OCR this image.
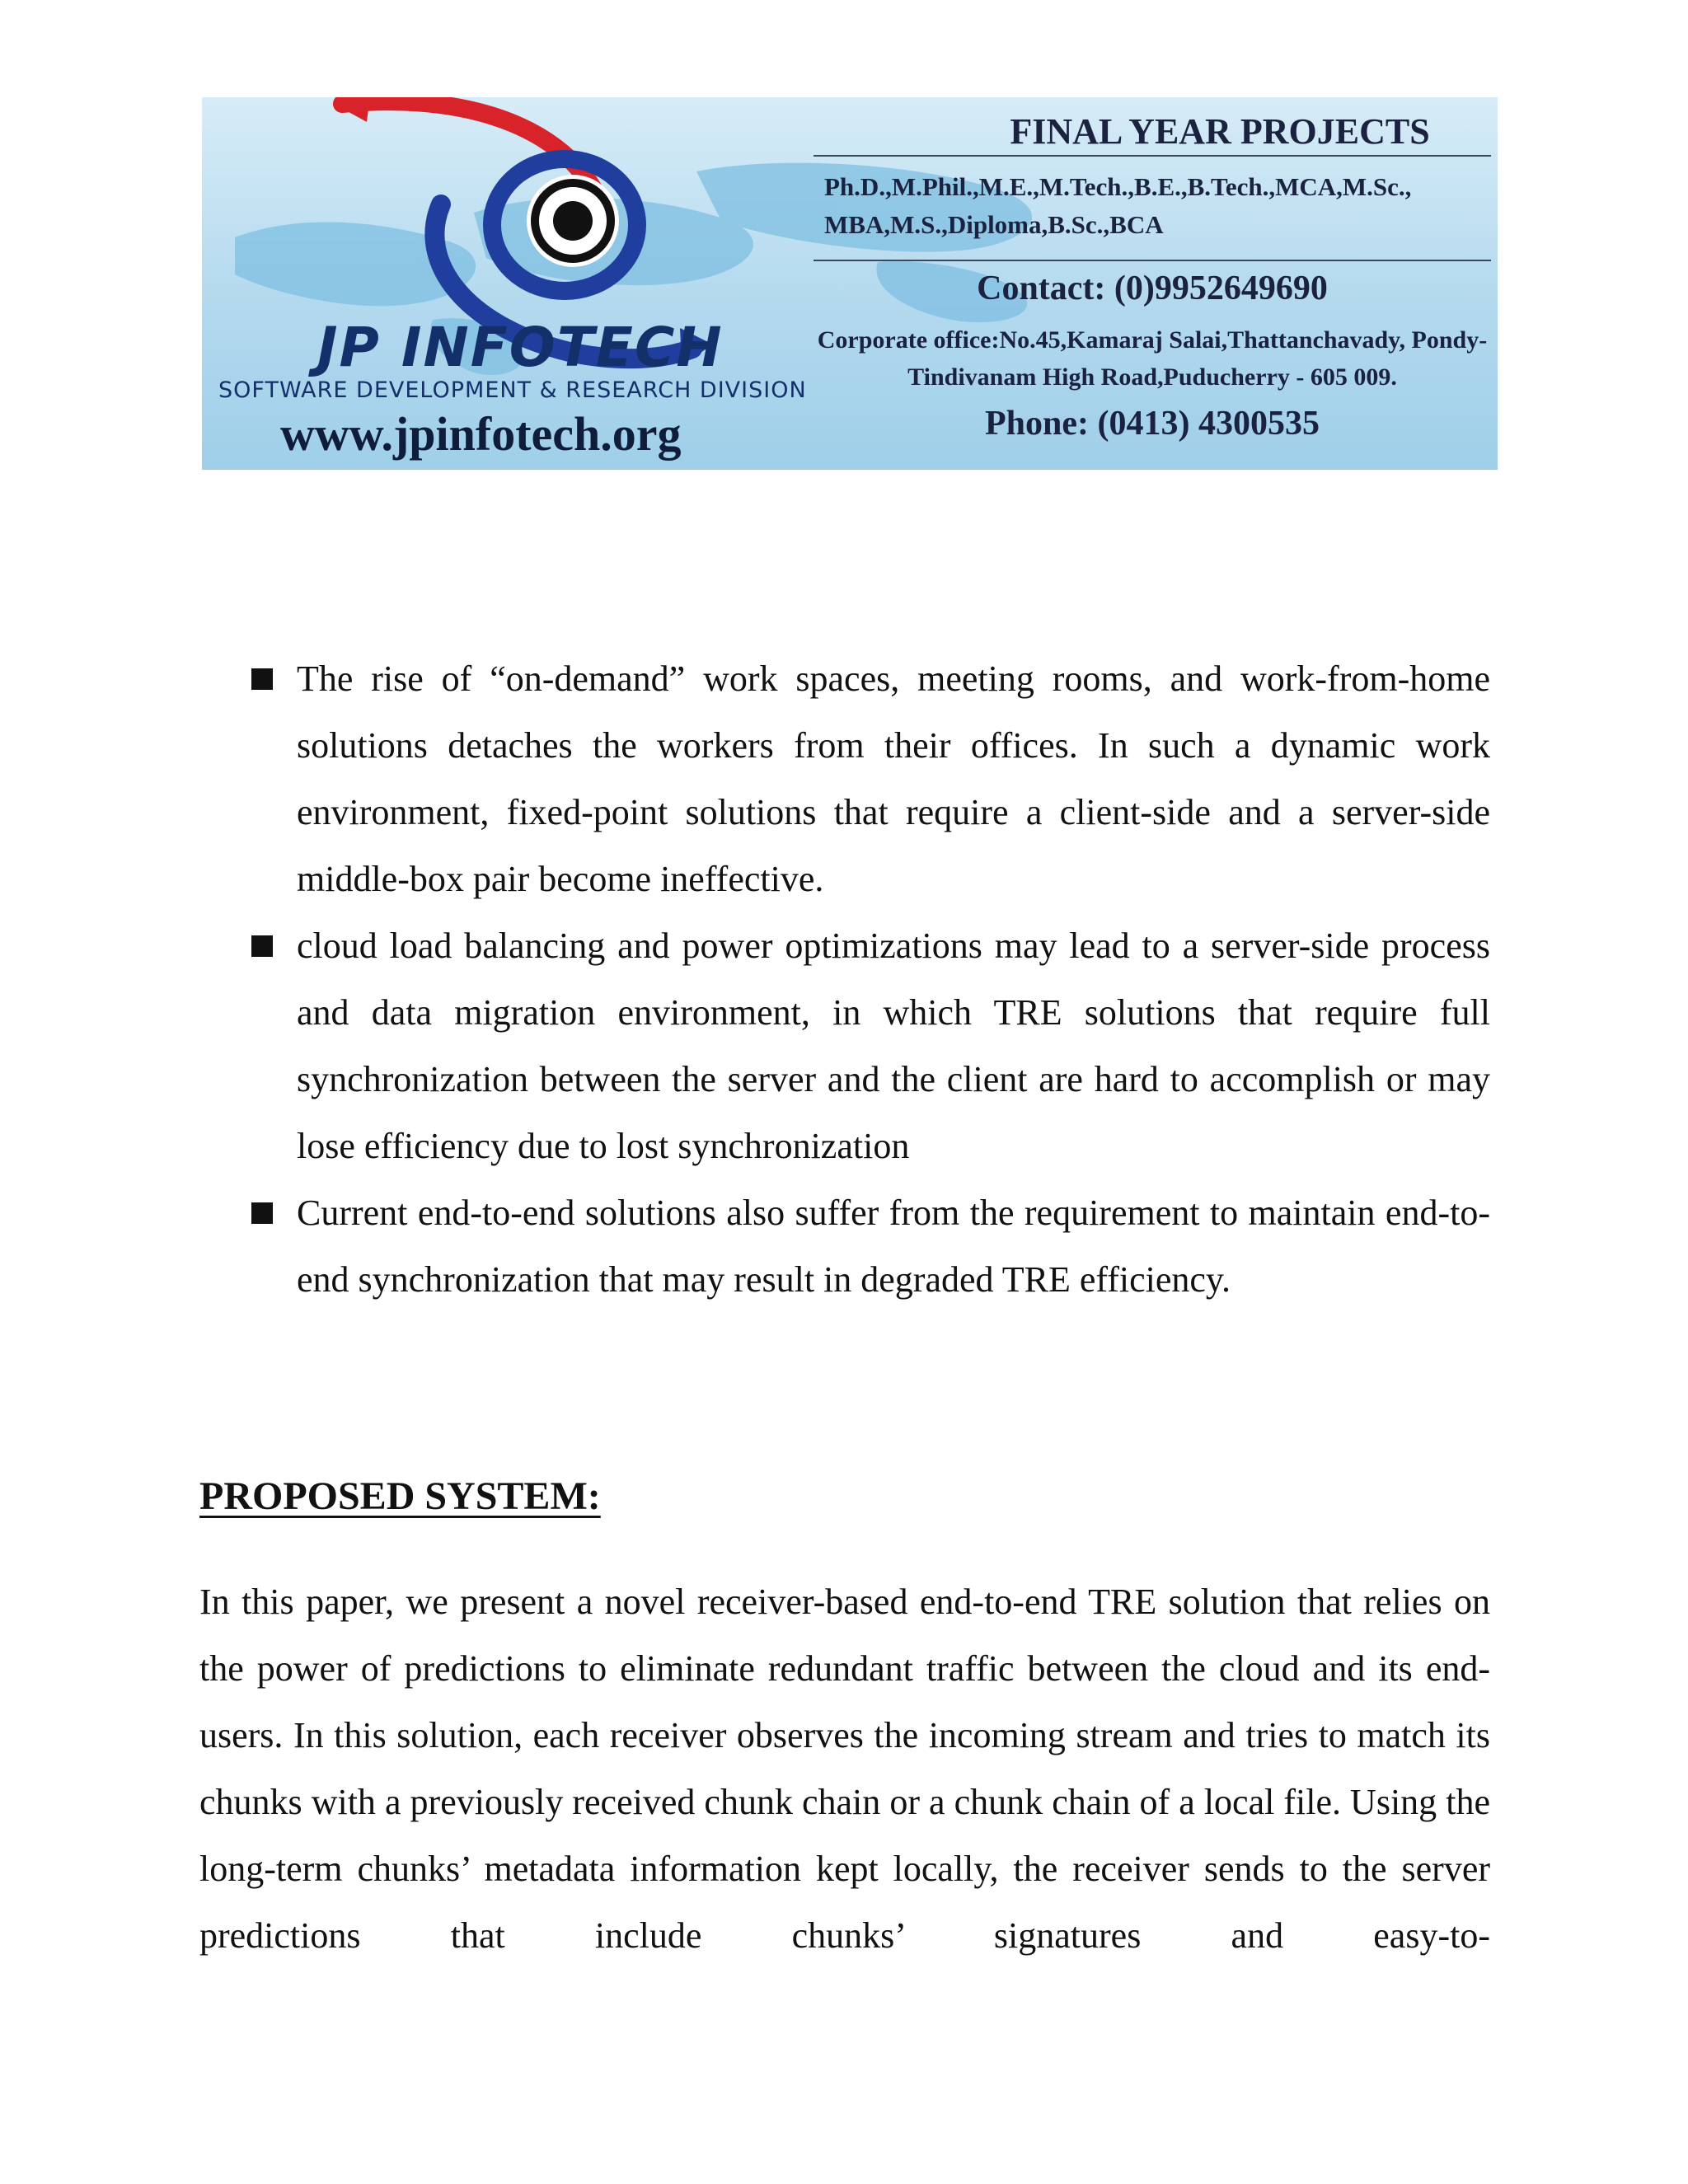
JP INFOTECH
SOFTWARE DEVELOPMENT & RESEARCH DIVISION
www.jpinfotech.org
FINAL YEAR PROJECTS
Ph.D.,M.Phil.,M.E.,M.Tech.,B.E.,B.Tech.,MCA,M.Sc., MBA,M.S.,Diploma,B.Sc.,BCA
Contact: (0)9952649690
Corporate office:No.45,Kamaraj Salai,Thattanchavady, Pondy-Tindivanam High Road,Puducherry - 605 009.
Phone: (0413) 4300535
The rise of “on-demand” work spaces, meeting rooms, and work-from-home solutions detaches the workers from their offices. In such a dynamic work environment, fixed-point solutions that require a client-side and a server-side middle-box pair become ineffective.
cloud load balancing and power optimizations may lead to a server-side process and data migration environment, in which TRE solutions that require full synchronization between the server and the client are hard to accomplish or may lose efficiency due to lost synchronization
Current end-to-end solutions also suffer from the requirement to maintain end-to-end synchronization that may result in degraded TRE efficiency.
PROPOSED SYSTEM:
In this paper, we present a novel receiver-based end-to-end TRE solution that relies on the power of predictions to eliminate redundant traffic between the cloud and its end-users. In this solution, each receiver observes the incoming stream and tries to match its chunks with a previously received chunk chain or a chunk chain of a local file. Using the long-term chunks’ metadata information kept locally, the receiver sends to the server predictions that include chunks’ signatures and easy-to-
